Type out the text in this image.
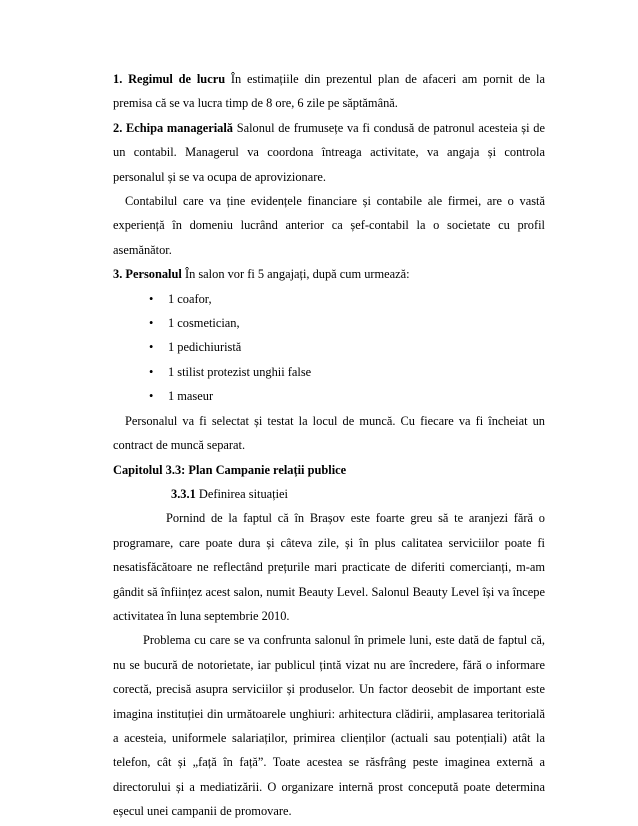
1. Regimul de lucru În estimațiile din prezentul plan de afaceri am pornit de la premisa că se va lucra timp de 8 ore, 6 zile pe săptămână.

2. Echipa managerială Salonul de frumusețe va fi condusă de patronul acesteia și de un contabil. Managerul va coordona întreaga activitate, va angaja și controla personalul și se va ocupa de aprovizionare.

Contabilul care va ține evidențele financiare și contabile ale firmei, are o vastă experiență în domeniu lucrând anterior ca șef-contabil la o societate cu profil asemănător.

3. Personalul În salon vor fi 5 angajați, după cum urmează:

• 1 coafor,
• 1 cosmetician,
• 1 pedichiuristă
• 1 stilist protezist unghii false
• 1 maseur

Personalul va fi selectat și testat la locul de muncă. Cu fiecare va fi încheiat un contract de muncă separat.

Capitolul 3.3: Plan Campanie relații publice

3.3.1 Definirea situației

Pornind de la faptul că în Brașov este foarte greu să te aranjezi fără o programare, care poate dura și câteva zile, și în plus calitatea serviciilor poate fi nesatisfăcătoare ne reflectând prețurile mari practicate de diferiti comercianți, m-am gândit să înființez acest salon, numit Beauty Level. Salonul Beauty Level își va începe activitatea în luna septembrie 2010.

Problema cu care se va confrunta salonul în primele luni, este dată de faptul că, nu se bucură de notorietate, iar publicul țintă vizat nu are încredere, fără o informare corectă, precisă asupra serviciilor și produselor. Un factor deosebit de important este imagina instituției din următoarele unghiuri: arhitectura clădirii, amplasarea teritorială a acesteia, uniformele salariaților, primirea clienților (actuali sau potențiali) atât la telefon, cât și „față în față”. Toate acestea se răsfrâng peste imaginea externă a directorului și a mediatizării. O organizare internă prost concepută poate determina eșecul unei campanii de promovare.
